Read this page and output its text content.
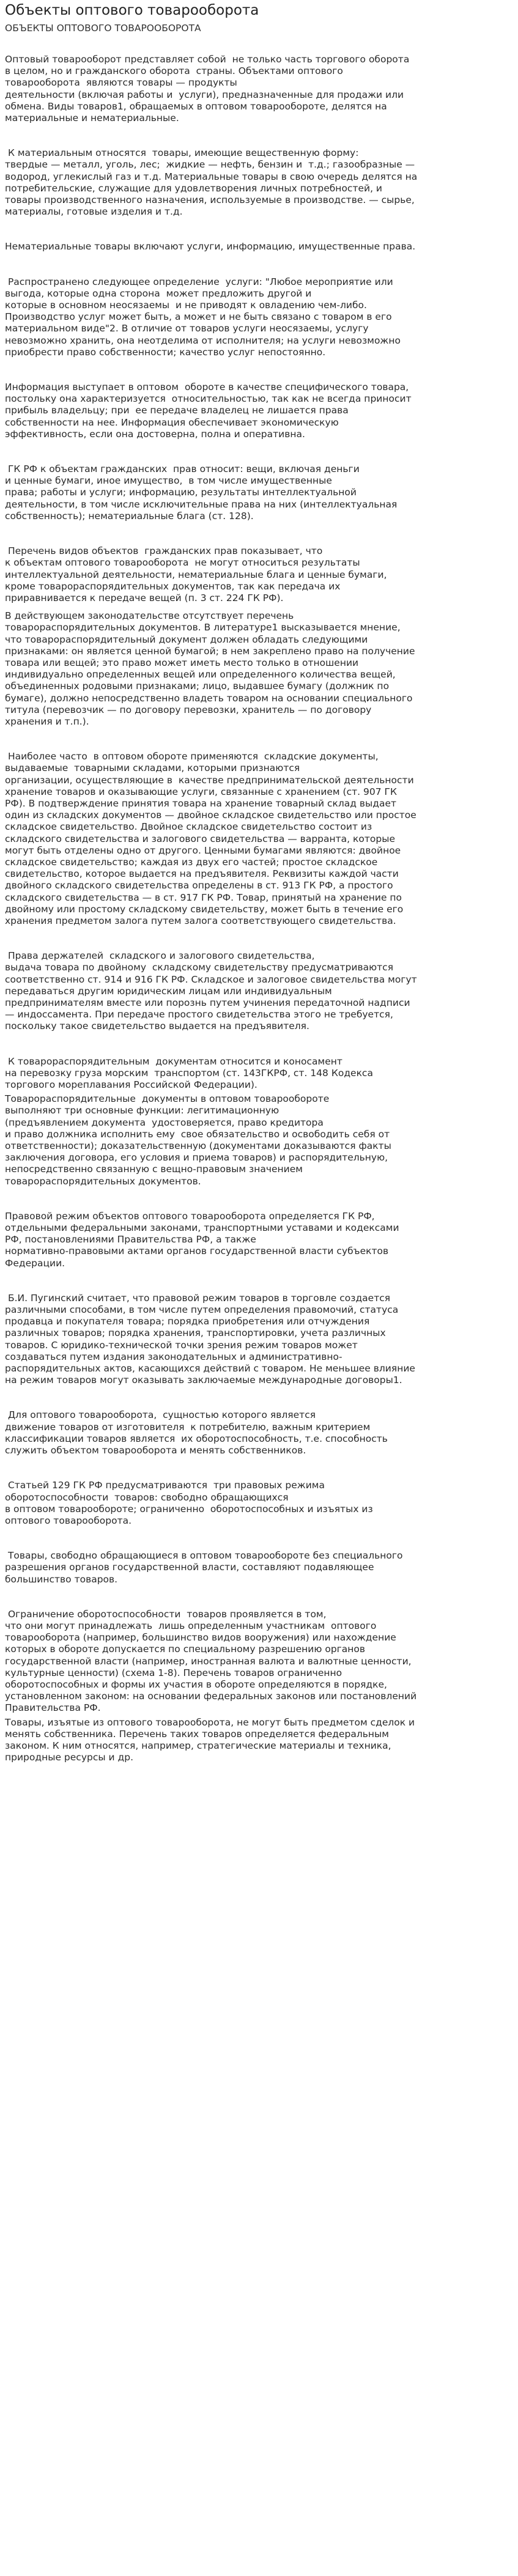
Объекты оптового товарооборота
ОБЪЕКТЫ ОПТОВОГО ТОВАРООБОРОТА

Оптовый товарооборот представляет собой  не только часть торгового оборота

в целом, но и гражданского оборота  страны. Объектами оптового

товарооборота  являются товары — продукты

деятельности (включая работы и  услуги), предназначенные для продажи или

обмена. Виды товаров1, обращаемых в оптовом товарообороте, делятся на

материальные и нематериальные.

К материальным относятся  товары, имеющие вещественную форму:

твердые — металл, уголь, лес;  жидкие — нефть, бензин и  т.д.; газообразные —

водород, углекислый газ и т.д. Материальные товары в свою очередь делятся на

потребительские, служащие для удовлетворения личных потребностей, и

товары производственного назначения, используемые в производстве. — сырье,

материалы, готовые изделия и т.д.

Нематериальные товары включают услуги, информацию, имущественные права.

Распространено следующее определение  услуги: "Любое мероприятие или

выгода, которые одна сторона  может предложить другой и

которые в основном неосязаемы  и не приводят к овладению чем-либо.

Производство услуг может быть, а может и не быть связано с товаром в его

материальном виде"2. В отличие от товаров услуги неосязаемы, услугу

невозможно хранить, она неотделима от исполнителя; на услуги невозможно

приобрести право собственности; качество услуг непостоянно.

Информация выступает в оптовом  обороте в качестве специфического товара,

постольку она характеризуется  относительностью, так как не всегда приносит

прибыль владельцу; при  ее передаче владелец не лишается права

собственности на нее. Информация обеспечивает экономическую

эффективность, если она достоверна, полна и оперативна.

ГК РФ к объектам гражданских  прав относит: вещи, включая деньги

и ценные бумаги, иное имущество,  в том числе имущественные

права; работы и услуги; информацию, результаты интеллектуальной

деятельности, в том числе исключительные права на них (интеллектуальная

собственность); нематериальные блага (ст. 128).

Перечень видов объектов  гражданских прав показывает, что

к объектам оптового товарооборота  не могут относиться результаты

интеллектуальной деятельности, нематериальные блага и ценные бумаги,

кроме товарораспорядительных документов, так как передача их

приравнивается к передаче вещей (п. 3 ст. 224 ГК РФ).

В действующем законодательстве отсутствует перечень

товарораспорядительных документов. В литературе1 высказывается мнение,

что товарораспорядительный документ должен обладать следующими

признаками: он является ценной бумагой; в нем закреплено право на получение

товара или вещей; это право может иметь место только в отношении

индивидуально определенных вещей или определенного количества вещей,

объединенных родовыми признаками; лицо, выдавшее бумагу (должник по

бумаге), должно непосредственно владеть товаром на основании специального

титула (перевозчик — по договору перевозки, хранитель — по договору

хранения и т.п.).

Наиболее часто  в оптовом обороте применяются  складские документы,

выдаваемые  товарными складами, которыми признаются

организации, осуществляющие в  качестве предпринимательской деятельности

хранение товаров и оказывающие услуги, связанные с хранением (ст. 907 ГК

РФ). В подтверждение принятия товара на хранение товарный склад выдает

один из складских документов — двойное складское свидетельство или простое

складское свидетельство. Двойное складское свидетельство состоит из

складского свидетельства и залогового свидетельства — варранта, которые

могут быть отделены одно от другого. Ценными бумагами являются: двойное

складское свидетельство; каждая из двух его частей; простое складское

свидетельство, которое выдается на предъявителя. Реквизиты каждой части

двойного складского свидетельства определены в ст. 913 ГК РФ, а простого

складского свидетельства — в ст. 917 ГК РФ. Товар, принятый на хранение по

двойному или простому складскому свидетельству, может быть в течение его

хранения предметом залога путем залога соответствующего свидетельства.

Права держателей  складского и залогового свидетельства,

выдача товара по двойному  складскому свидетельству предусматриваются

соответственно ст. 914 и 916 ГК РФ. Складское и залоговое свидетельства могут

передаваться другим юридическим лицам или индивидуальным

предпринимателям вместе или порознь путем учинения передаточной надписи

— индоссамента. При передаче простого свидетельства этого не требуется,

поскольку такое свидетельство выдается на предъявителя.

К товарораспорядительным  документам относится и коносамент

на перевозку груза морским  транспортом (ст. 143ГКРФ, ст. 148 Кодекса

торгового мореплавания Российской Федерации).

Товарораспорядительные  документы в оптовом товарообороте

выполняют три основные функции: легитимационную

(предъявлением документа  удостоверяется, право кредитора

и право должника исполнить ему  свое обязательство и освободить себя от

ответственности); доказательственную (документами доказываются факты

заключения договора, его условия и приема товаров) и распорядительную,

непосредственно связанную с вещно-правовым значением

товарораспорядительных документов.

Правовой режим объектов оптового товарооборота определяется ГК РФ,

отдельными федеральными законами, транспортными уставами и кодексами

РФ, постановлениями Правительства РФ, а также

нормативно-правовыми актами органов государственной власти субъектов

Федерации.

Б.И. Пугинский считает, что правовой режим товаров в торговле создается

различными способами, в том числе путем определения правомочий, статуса

продавца и покупателя товара; порядка приобретения или отчуждения

различных товаров; порядка хранения, транспортировки, учета различных

товаров. С юридико-технической точки зрения режим товаров может

создаваться путем издания законодательных и административно-

распорядительных актов, касающихся действий с товаром. Не меньшее влияние

на режим товаров могут оказывать заключаемые международные договоры1.

Для оптового товарооборота,  сущностью которого является

движение товаров от изготовителя  к потребителю, важным критерием

классификации товаров является  их оборотоспособность, т.е. способность

служить объектом товарооборота и менять собственников.

Статьей 129 ГК РФ предусматриваются  три правовых режима

оборотоспособности  товаров: свободно обращающихся

в оптовом товарообороте; ограниченно  оборотоспособных и изъятых из

оптового товарооборота.

Товары, свободно обращающиеся в оптовом товарообороте без специального

разрешения органов государственной власти, составляют подавляющее

большинство товаров.

Ограничение оборотоспособности  товаров проявляется в том,

что они могут принадлежать  лишь определенным участникам  оптового

товарооборота (например, большинство видов вооружения) или нахождение

которых в обороте допускается по специальному разрешению органов

государственной власти (например, иностранная валюта и валютные ценности,

культурные ценности) (схема 1-8). Перечень товаров ограниченно

оборотоспособных и формы их участия в обороте определяются в порядке,

установленном законом: на основании федеральных законов или постановлений

Правительства РФ.

Товары, изъятые из оптового товарооборота, не могут быть предметом сделок и

менять собственника. Перечень таких товаров определяется федеральным

законом. К ним относятся, например, стратегические материалы и техника,

природные ресурсы и др.
